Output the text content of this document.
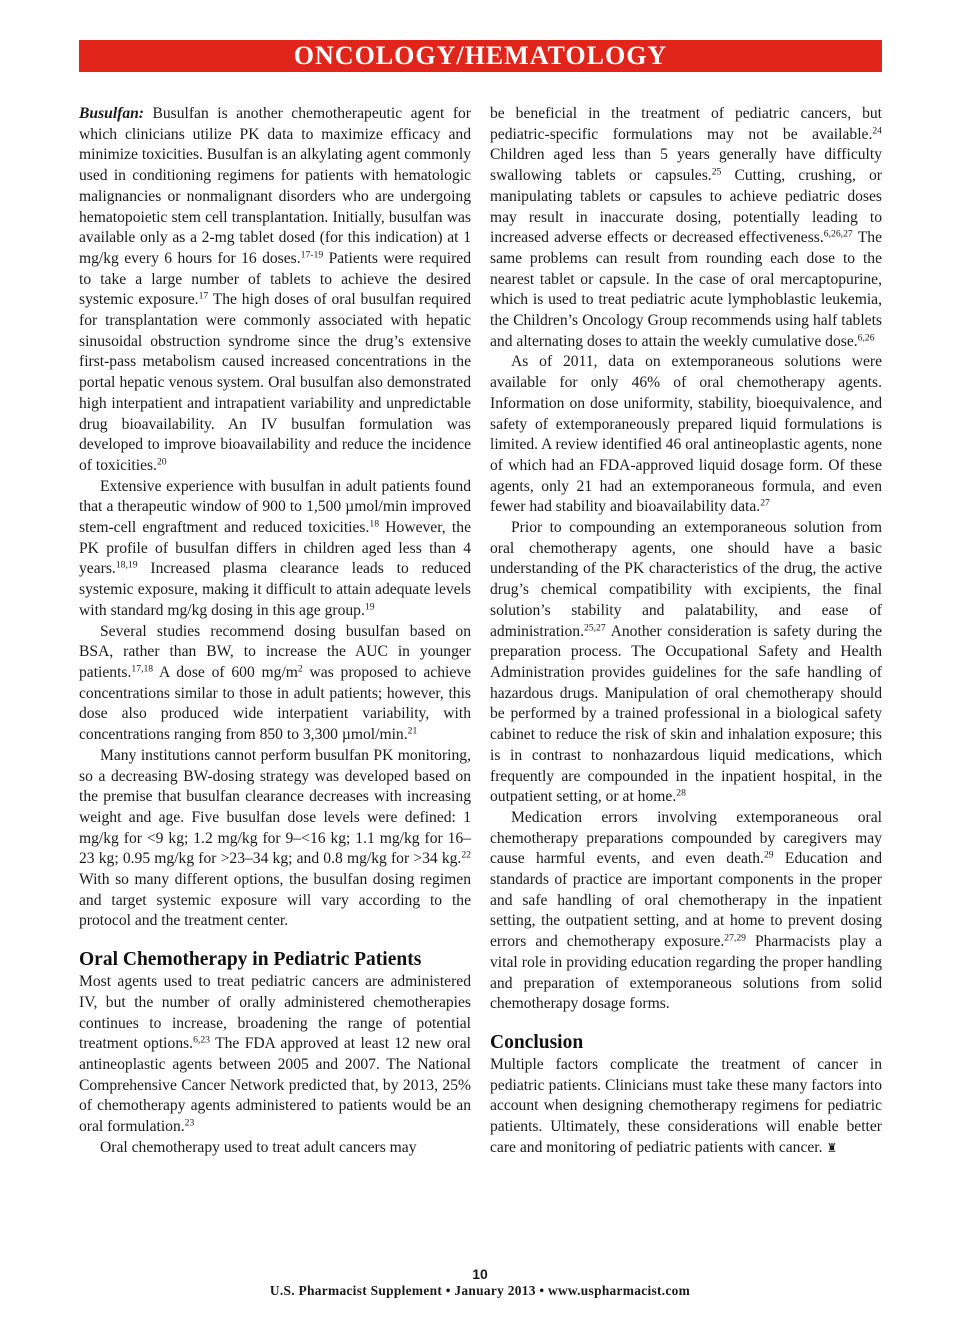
ONCOLOGY/HEMATOLOGY

Busulfan: Busulfan is another chemotherapeutic agent for which clinicians utilize PK data to maximize efficacy and minimize toxicities. Busulfan is an alkylating agent commonly used in conditioning regimens for patients with hematologic malignancies or nonmalignant disorders who are undergoing hematopoietic stem cell transplantation. Initially, busulfan was available only as a 2-mg tablet dosed (for this indication) at 1 mg/kg every 6 hours for 16 doses.$^{17-19}$ Patients were required to take a large number of tablets to achieve the desired systemic exposure.$^{17}$ The high doses of oral busulfan required for transplantation were commonly associated with hepatic sinusoidal obstruction syndrome since the drug’s extensive first-pass metabolism caused increased concentrations in the portal hepatic venous system. Oral busulfan also demonstrated high interpatient and intrapatient variability and unpredictable drug bioavailability. An IV busulfan formulation was developed to improve bioavailability and reduce the incidence of toxicities.$^{20}$

Extensive experience with busulfan in adult patients found that a therapeutic window of 900 to 1,500 µmol/min improved stem-cell engraftment and reduced toxicities.$^{18}$ However, the PK profile of busulfan differs in children aged less than 4 years.$^{18,19}$ Increased plasma clearance leads to reduced systemic exposure, making it difficult to attain adequate levels with standard mg/kg dosing in this age group.$^{19}$

Several studies recommend dosing busulfan based on BSA, rather than BW, to increase the AUC in younger patients.$^{17,18}$ A dose of 600 $mg/m^2$ was proposed to achieve concentrations similar to those in adult patients; however, this dose also produced wide interpatient variability, with concentrations ranging from 850 to 3,300 µmol/min.$^{21}$

Many institutions cannot perform busulfan PK monitoring, so a decreasing BW-dosing strategy was developed based on the premise that busulfan clearance decreases with increasing weight and age. Five busulfan dose levels were defined: 1 mg/kg for <9 kg; 1.2 mg/kg for 9–<16 kg; 1.1 mg/kg for 16–23 kg; 0.95 mg/kg for >23–34 kg; and 0.8 mg/kg for >34 kg.$^{22}$ With so many different options, the busulfan dosing regimen and target systemic exposure will vary according to the protocol and the treatment center.

Oral Chemotherapy in Pediatric Patients

Most agents used to treat pediatric cancers are administered IV, but the number of orally administered chemotherapies continues to increase, broadening the range of potential treatment options.$^{6,23}$ The FDA approved at least 12 new oral antineoplastic agents between 2005 and 2007. The National Comprehensive Cancer Network predicted that, by 2013, 25% of chemotherapy agents administered to patients would be an oral formulation.$^{23}$

Oral chemotherapy used to treat adult cancers may

be beneficial in the treatment of pediatric cancers, but pediatric-specific formulations may not be available.$^{24}$ Children aged less than 5 years generally have difficulty swallowing tablets or capsules.$^{25}$ Cutting, crushing, or manipulating tablets or capsules to achieve pediatric doses may result in inaccurate dosing, potentially leading to increased adverse effects or decreased effectiveness.$^{6,26,27}$ The same problems can result from rounding each dose to the nearest tablet or capsule. In the case of oral mercaptopurine, which is used to treat pediatric acute lymphoblastic leukemia, the Children’s Oncology Group recommends using half tablets and alternating doses to attain the weekly cumulative dose.$^{6,26}$

As of 2011, data on extemporaneous solutions were available for only 46% of oral chemotherapy agents. Information on dose uniformity, stability, bioequivalence, and safety of extemporaneously prepared liquid formulations is limited. A review identified 46 oral antineoplastic agents, none of which had an FDA-approved liquid dosage form. Of these agents, only 21 had an extemporaneous formula, and even fewer had stability and bioavailability data.$^{27}$

Prior to compounding an extemporaneous solution from oral chemotherapy agents, one should have a basic understanding of the PK characteristics of the drug, the active drug’s chemical compatibility with excipients, the final solution’s stability and palatability, and ease of administration.$^{25,27}$ Another consideration is safety during the preparation process. The Occupational Safety and Health Administration provides guidelines for the safe handling of hazardous drugs. Manipulation of oral chemotherapy should be performed by a trained professional in a biological safety cabinet to reduce the risk of skin and inhalation exposure; this is in contrast to nonhazardous liquid medications, which frequently are compounded in the inpatient hospital, in the outpatient setting, or at home.$^{28}$

Medication errors involving extemporaneous oral chemotherapy preparations compounded by caregivers may cause harmful events, and even death.$^{29}$ Education and standards of practice are important components in the proper and safe handling of oral chemotherapy in the inpatient setting, the outpatient setting, and at home to prevent dosing errors and chemotherapy exposure.$^{27,29}$ Pharmacists play a vital role in providing education regarding the proper handling and preparation of extemporaneous solutions from solid chemotherapy dosage forms.

Conclusion

Multiple factors complicate the treatment of cancer in pediatric patients. Clinicians must take these many factors into account when designing chemotherapy regimens for pediatric patients. Ultimately, these considerations will enable better care and monitoring of pediatric patients with cancer. ♜

10
U.S. Pharmacist Supplement • January 2013 • www.uspharmacist.com
